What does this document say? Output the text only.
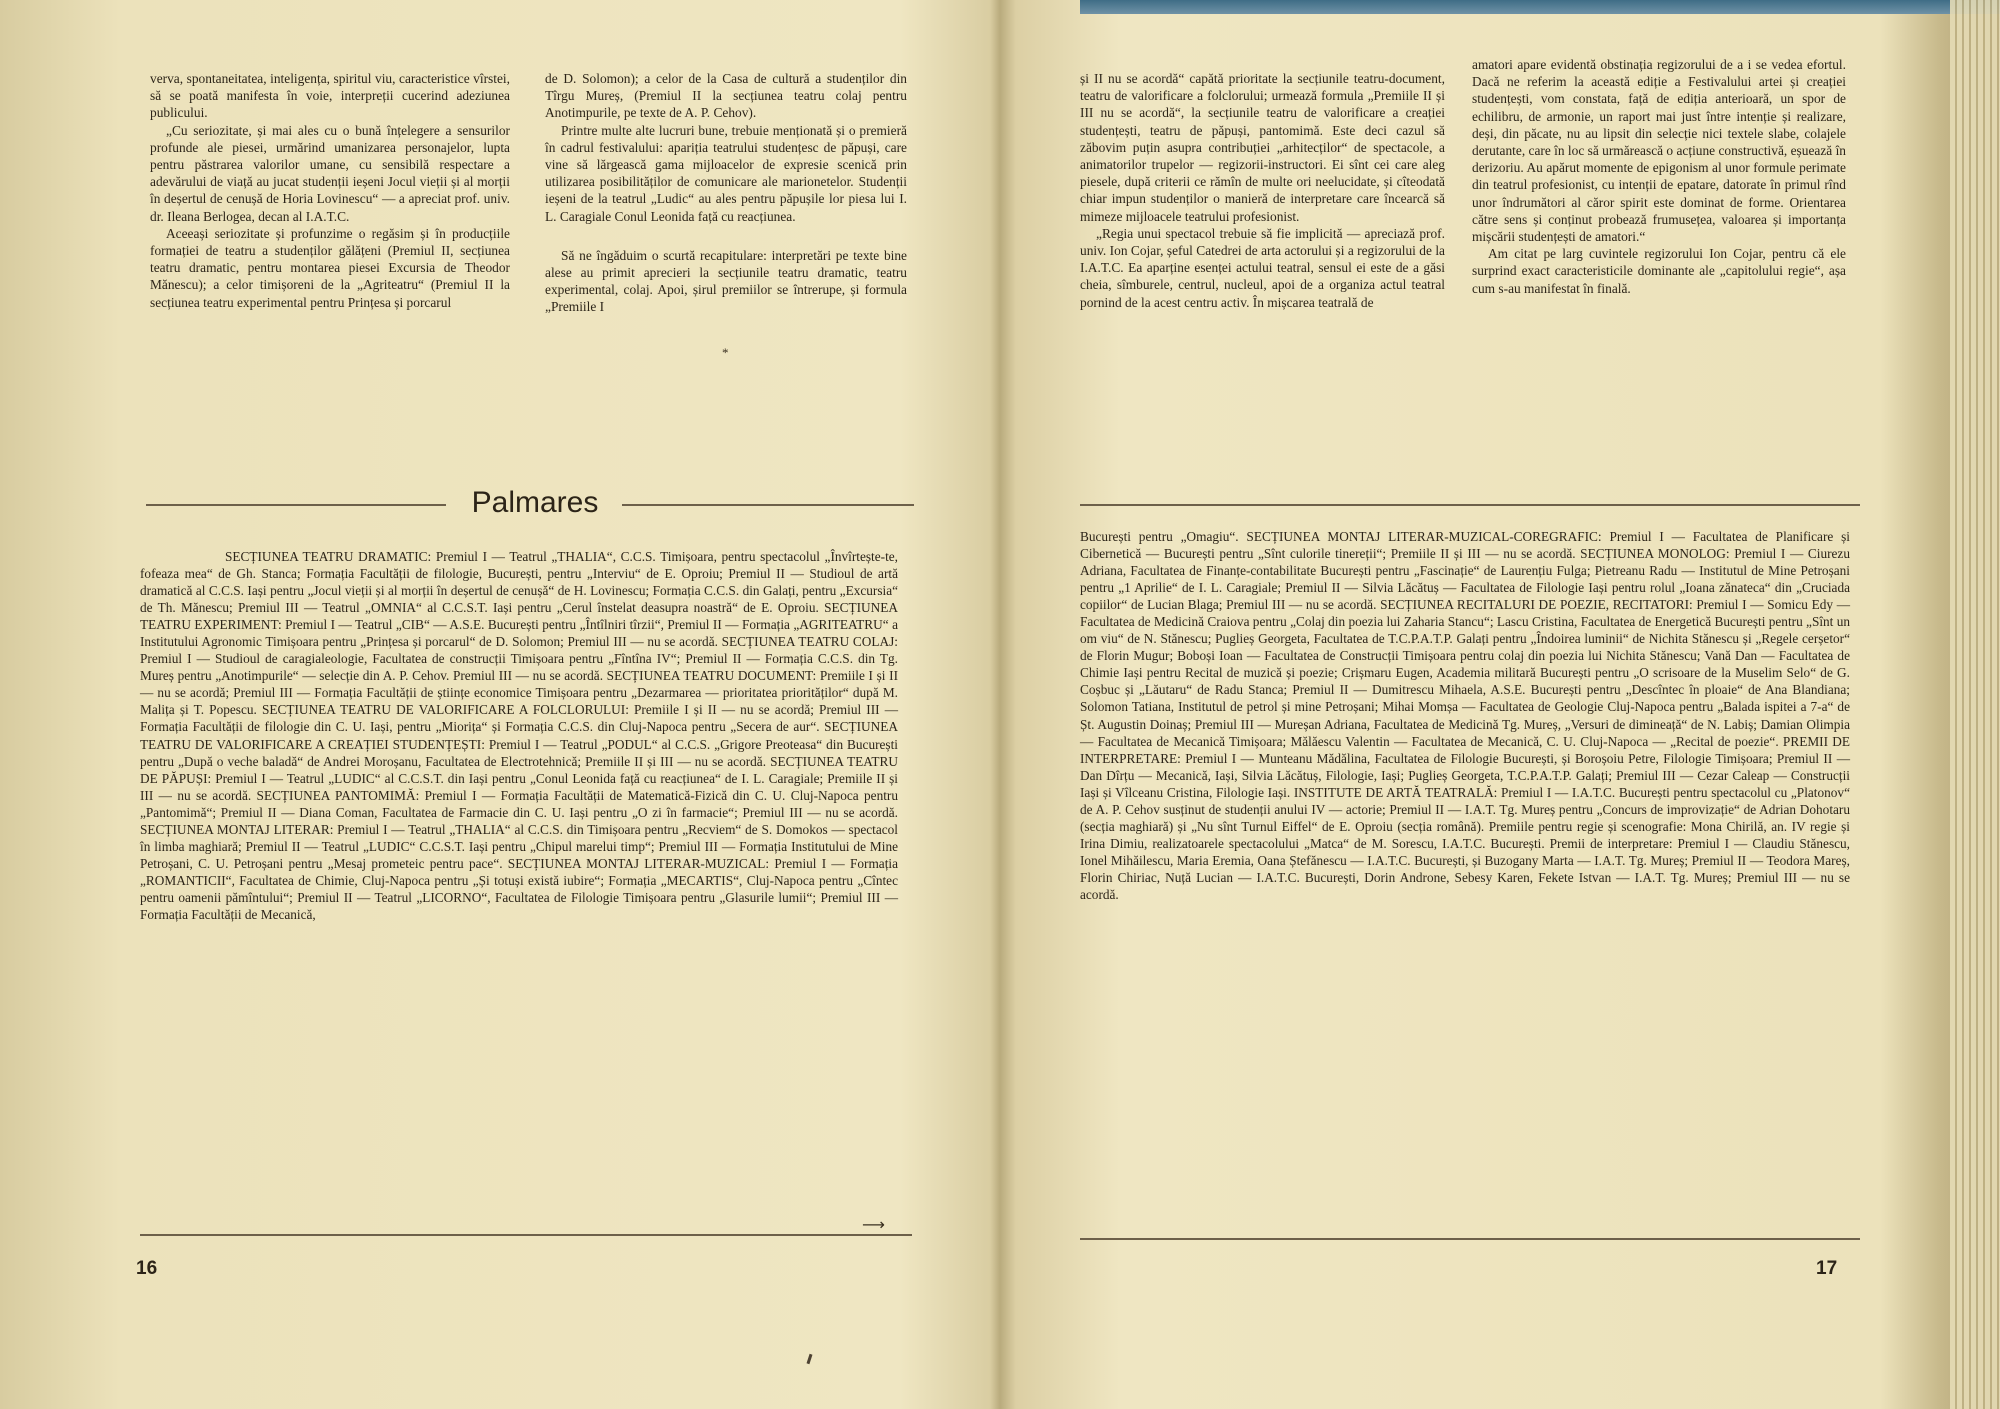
verva, spontaneitatea, inteligența, spiritul viu, caracteristice vîrstei, să se poată manifesta în voie, interpreții cucerind adeziunea publicului.

„Cu seriozitate, și mai ales cu o bună înțelegere a sensurilor profunde ale piesei, urmărind umanizarea personajelor, lupta pentru păstrarea valorilor umane, cu sensibilă respectare a adevărului de viață au jucat studenții ieșeni Jocul vieții și al morții în deșertul de cenușă de Horia Lovinescu“ — a apreciat prof. univ. dr. Ileana Berlogea, decan al I.A.T.C.

Aceeași seriozitate și profunzime o regăsim și în producțiile formației de teatru a studenților gălățeni (Premiul II, secțiunea teatru dramatic, pentru montarea piesei Excursia de Theodor Mănescu); a celor timișoreni de la „Agriteatru“ (Premiul II la secțiunea teatru experimental pentru Prințesa și porcarul

de D. Solomon); a celor de la Casa de cultură a studenților din Tîrgu Mureș, (Premiul II la secțiunea teatru colaj pentru Anotimpurile, pe texte de A. P. Cehov).

Printre multe alte lucruri bune, trebuie menționată și o premieră în cadrul festivalului: apariția teatrului studențesc de păpuși, care vine să lărgească gama mijloacelor de expresie scenică prin utilizarea posibilităților de comunicare ale marionetelor. Studenții ieșeni de la teatrul „Ludic“ au ales pentru păpușile lor piesa lui I. L. Caragiale Conul Leonida față cu reacțiunea.

Să ne îngăduim o scurtă recapitulare: interpretări pe texte bine alese au primit aprecieri la secțiunile teatru dramatic, teatru experimental, colaj. Apoi, șirul premiilor se întrerupe, și formula „Premiile I

*
Palmares
SECȚIUNEA TEATRU DRAMATIC: Premiul I — Teatrul „THALIA“, C.C.S. Timișoara, pentru spectacolul „Învîrtește-te, fofeaza mea“ de Gh. Stanca; Formația Facultății de filologie, București, pentru „Interviu“ de E. Oproiu; Premiul II — Studioul de artă dramatică al C.C.S. Iași pentru „Jocul vieții și al morții în deșertul de cenușă“ de H. Lovinescu; Formația C.C.S. din Galați, pentru „Excursia“ de Th. Mănescu; Premiul III — Teatrul „OMNIA“ al C.C.S.T. Iași pentru „Cerul înstelat deasupra noastră“ de E. Oproiu. SECȚIUNEA TEATRU EXPERIMENT: Premiul I — Teatrul „CIB“ — A.S.E. București pentru „Întîlniri tîrzii“, Premiul II — Formația „AGRITEATRU“ a Institutului Agronomic Timișoara pentru „Prințesa și porcarul“ de D. Solomon; Premiul III — nu se acordă. SECȚIUNEA TEATRU COLAJ: Premiul I — Studioul de caragialeologie, Facultatea de construcții Timișoara pentru „Fîntîna IV“; Premiul II — Formația C.C.S. din Tg. Mureș pentru „Anotimpurile“ — selecție din A. P. Cehov. Premiul III — nu se acordă. SECȚIUNEA TEATRU DOCUMENT: Premiile I și II — nu se acordă; Premiul III — Formația Facultății de științe economice Timișoara pentru „Dezarmarea — prioritatea priorităților“ după M. Malița și T. Popescu. SECȚIUNEA TEATRU DE VALORIFICARE A FOLCLORULUI: Premiile I și II — nu se acordă; Premiul III — Formația Facultății de filologie din C. U. Iași, pentru „Miorița“ și Formația C.C.S. din Cluj-Napoca pentru „Secera de aur“. SECȚIUNEA TEATRU DE VALORIFICARE A CREAȚIEI STUDENȚEȘTI: Premiul I — Teatrul „PODUL“ al C.C.S. „Grigore Preoteasa“ din București pentru „După o veche baladă“ de Andrei Moroșanu, Facultatea de Electrotehnică; Premiile II și III — nu se acordă. SECȚIUNEA TEATRU DE PĂPUȘI: Premiul I — Teatrul „LUDIC“ al C.C.S.T. din Iași pentru „Conul Leonida față cu reacțiunea“ de I. L. Caragiale; Premiile II și III — nu se acordă. SECȚIUNEA PANTOMIMĂ: Premiul I — Formația Facultății de Matematică-Fizică din C. U. Cluj-Napoca pentru „Pantomimă“; Premiul II — Diana Coman, Facultatea de Farmacie din C. U. Iași pentru „O zi în farmacie“; Premiul III — nu se acordă. SECȚIUNEA MONTAJ LITERAR: Premiul I — Teatrul „THALIA“ al C.C.S. din Timișoara pentru „Recviem“ de S. Domokos — spectacol în limba maghiară; Premiul II — Teatrul „LUDIC“ C.C.S.T. Iași pentru „Chipul marelui timp“; Premiul III — Formația Institutului de Mine Petroșani, C. U. Petroșani pentru „Mesaj prometeic pentru pace“. SECȚIUNEA MONTAJ LITERAR-MUZICAL: Premiul I — Formația „ROMANTICII“, Facultatea de Chimie, Cluj-Napoca pentru „Și totuși există iubire“; Formația „MECARTIS“, Cluj-Napoca pentru „Cîntec pentru oamenii pămîntului“; Premiul II — Teatrul „LICORNO“, Facultatea de Filologie Timișoara pentru „Glasurile lumii“; Premiul III — Formația Facultății de Mecanică,
⟶
16

și II nu se acordă“ capătă prioritate la secțiunile teatru-document, teatru de valorificare a folclorului; urmează formula „Premiile II și III nu se acordă“, la secțiunile teatru de valorificare a creației studențești, teatru de păpuși, pantomimă. Este deci cazul să zăbovim puțin asupra contribuției „arhitecților“ de spectacole, a animatorilor trupelor — regizorii-instructori. Ei sînt cei care aleg piesele, după criterii ce rămîn de multe ori neelucidate, și cîteodată chiar impun studenților o manieră de interpretare care încearcă să mimeze mijloacele teatrului profesionist.

„Regia unui spectacol trebuie să fie implicită — apreciază prof. univ. Ion Cojar, șeful Catedrei de arta actorului și a regizorului de la I.A.T.C. Ea aparține esenței actului teatral, sensul ei este de a găsi cheia, sîmburele, centrul, nucleul, apoi de a organiza actul teatral pornind de la acest centru activ. În mișcarea teatrală de

amatori apare evidentă obstinația regizorului de a i se vedea efortul. Dacă ne referim la această ediție a Festivalului artei și creației studențești, vom constata, față de ediția anterioară, un spor de echilibru, de armonie, un raport mai just între intenție și realizare, deși, din păcate, nu au lipsit din selecție nici textele slabe, colajele derutante, care în loc să urmărească o acțiune constructivă, eșuează în derizoriu. Au apărut momente de epigonism al unor formule perimate din teatrul profesionist, cu intenții de epatare, datorate în primul rînd unor îndrumători al căror spirit este dominat de forme. Orientarea către sens și conținut probează frumusețea, valoarea și importanța mișcării studențești de amatori.“

Am citat pe larg cuvintele regizorului Ion Cojar, pentru că ele surprind exact caracteristicile dominante ale „capitolului regie“, așa cum s-au manifestat în finală.

București pentru „Omagiu“. SECȚIUNEA MONTAJ LITERAR-MUZICAL-COREGRAFIC: Premiul I — Facultatea de Planificare și Cibernetică — București pentru „Sînt culorile tinereții“; Premiile II și III — nu se acordă. SECȚIUNEA MONOLOG: Premiul I — Ciurezu Adriana, Facultatea de Finanțe-contabilitate București pentru „Fascinație“ de Laurențiu Fulga; Pietreanu Radu — Institutul de Mine Petroșani pentru „1 Aprilie“ de I. L. Caragiale; Premiul II — Silvia Lăcătuș — Facultatea de Filologie Iași pentru rolul „Ioana zănateca“ din „Cruciada copiilor“ de Lucian Blaga; Premiul III — nu se acordă. SECȚIUNEA RECITALURI DE POEZIE, RECITATORI: Premiul I — Somicu Edy — Facultatea de Medicină Craiova pentru „Colaj din poezia lui Zaharia Stancu“; Lascu Cristina, Facultatea de Energetică București pentru „Sînt un om viu“ de N. Stănescu; Puglieș Georgeta, Facultatea de T.C.P.A.T.P. Galați pentru „Îndoirea luminii“ de Nichita Stănescu și „Regele cerșetor“ de Florin Mugur; Boboși Ioan — Facultatea de Construcții Timișoara pentru colaj din poezia lui Nichita Stănescu; Vană Dan — Facultatea de Chimie Iași pentru Recital de muzică și poezie; Crișmaru Eugen, Academia militară București pentru „O scrisoare de la Muselim Selo“ de G. Coșbuc și „Lăutaru“ de Radu Stanca; Premiul II — Dumitrescu Mihaela, A.S.E. București pentru „Descîntec în ploaie“ de Ana Blandiana; Solomon Tatiana, Institutul de petrol și mine Petroșani; Mihai Momșa — Facultatea de Geologie Cluj-Napoca pentru „Balada ispitei a 7-a“ de Șt. Augustin Doinaș; Premiul III — Mureșan Adriana, Facultatea de Medicină Tg. Mureș, „Versuri de dimineață“ de N. Labiș; Damian Olimpia — Facultatea de Mecanică Timișoara; Mălăescu Valentin — Facultatea de Mecanică, C. U. Cluj-Napoca — „Recital de poezie“. PREMII DE INTERPRETARE: Premiul I — Munteanu Mădălina, Facultatea de Filologie București, și Boroșoiu Petre, Filologie Timișoara; Premiul II — Dan Dîrțu — Mecanică, Iași, Silvia Lăcătuș, Filologie, Iași; Puglieș Georgeta, T.C.P.A.T.P. Galați; Premiul III — Cezar Caleap — Construcții Iași și Vîlceanu Cristina, Filologie Iași. INSTITUTE DE ARTĂ TEATRALĂ: Premiul I — I.A.T.C. București pentru spectacolul cu „Platonov“ de A. P. Cehov susținut de studenții anului IV — actorie; Premiul II — I.A.T. Tg. Mureș pentru „Concurs de improvizație“ de Adrian Dohotaru (secția maghiară) și „Nu sînt Turnul Eiffel“ de E. Oproiu (secția română). Premiile pentru regie și scenografie: Mona Chirilă, an. IV regie și Irina Dimiu, realizatoarele spectacolului „Matca“ de M. Sorescu, I.A.T.C. București. Premii de interpretare: Premiul I — Claudiu Stănescu, Ionel Mihăilescu, Maria Eremia, Oana Ștefănescu — I.A.T.C. București, și Buzogany Marta — I.A.T. Tg. Mureș; Premiul II — Teodora Mareș, Florin Chiriac, Nuță Lucian — I.A.T.C. București, Dorin Androne, Sebesy Karen, Fekete Istvan — I.A.T. Tg. Mureș; Premiul III — nu se acordă.
17
